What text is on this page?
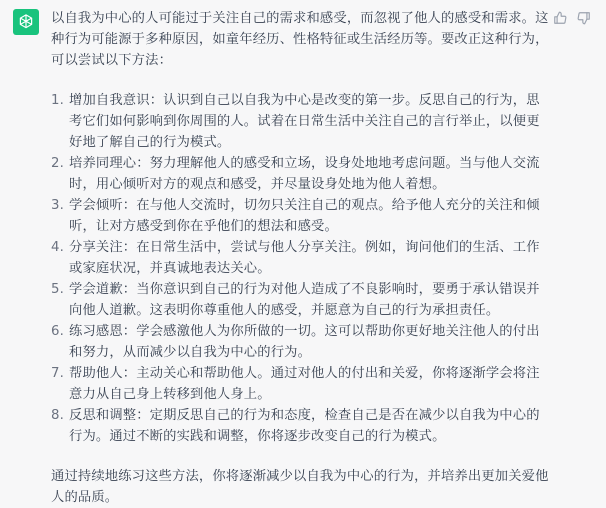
以自我为中心的人可能过于关注自己的需求和感受，而忽视了他人的感受和需求。这种行为可能源于多种原因，如童年经历、性格特征或生活经历等。要改正这种行为，可以尝试以下方法：

1. 增加自我意识：认识到自己以自我为中心是改变的第一步。反思自己的行为，思考它们如何影响到你周围的人。试着在日常生活中关注自己的言行举止，以便更好地了解自己的行为模式。
2. 培养同理心：努力理解他人的感受和立场，设身处地地考虑问题。当与他人交流时，用心倾听对方的观点和感受，并尽量设身处地为他人着想。
3. 学会倾听：在与他人交流时，切勿只关注自己的观点。给予他人充分的关注和倾听，让对方感受到你在乎他们的想法和感受。
4. 分享关注：在日常生活中，尝试与他人分享关注。例如，询问他们的生活、工作或家庭状况，并真诚地表达关心。
5. 学会道歉：当你意识到自己的行为对他人造成了不良影响时，要勇于承认错误并向他人道歉。这表明你尊重他人的感受，并愿意为自己的行为承担责任。
6. 练习感恩：学会感激他人为你所做的一切。这可以帮助你更好地关注他人的付出和努力，从而减少以自我为中心的行为。
7. 帮助他人：主动关心和帮助他人。通过对他人的付出和关爱，你将逐渐学会将注意力从自己身上转移到他人身上。
8. 反思和调整：定期反思自己的行为和态度，检查自己是否在减少以自我为中心的行为。通过不断的实践和调整，你将逐步改变自己的行为模式。

通过持续地练习这些方法，你将逐渐减少以自我为中心的行为，并培养出更加关爱他人的品质。
